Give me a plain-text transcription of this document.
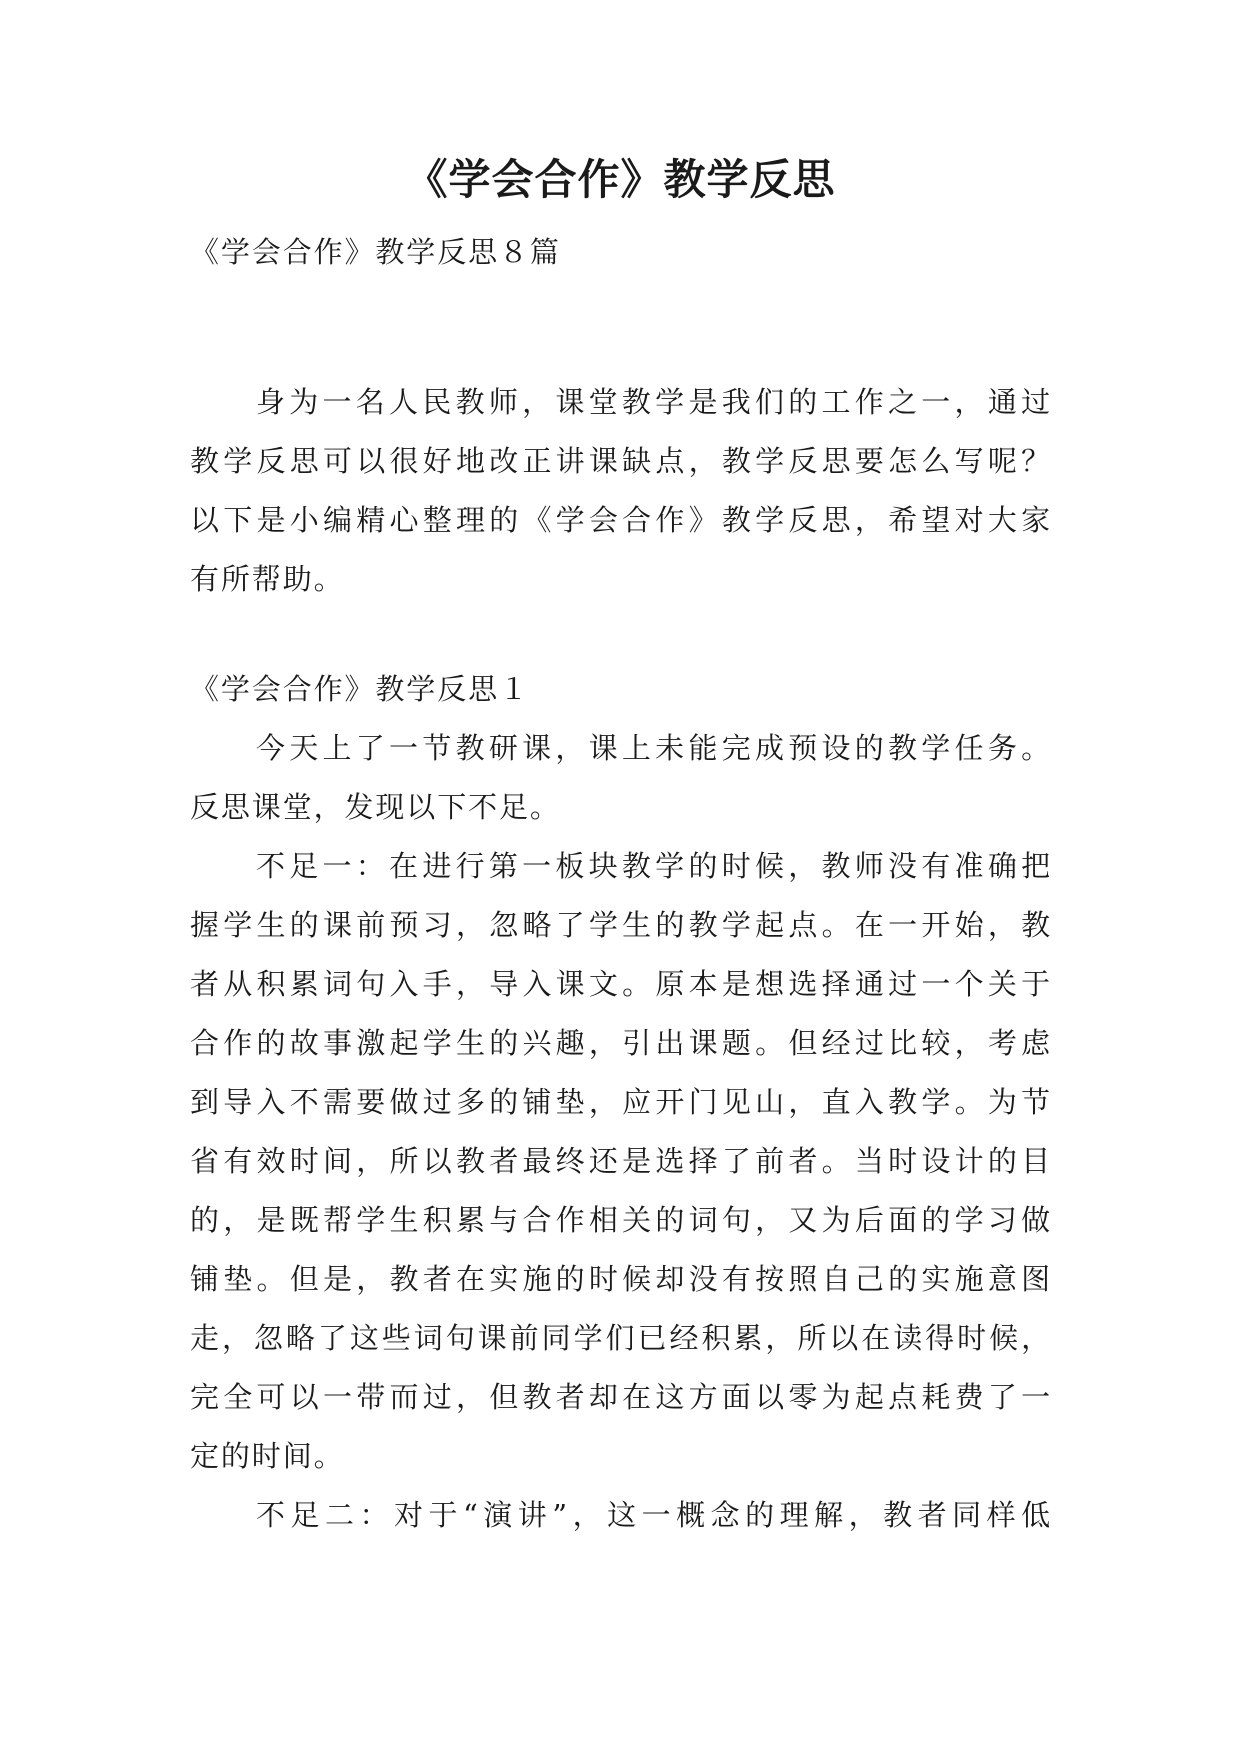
《学会合作》教学反思

《学会合作》教学反思８篇

身为一名人民教师，课堂教学是我们的工作之一，通过

教学反思可以很好地改正讲课缺点，教学反思要怎么写呢？

以下是小编精心整理的《学会合作》教学反思，希望对大家

有所帮助。

《学会合作》教学反思１

今天上了一节教研课，课上未能完成预设的教学任务。

反思课堂，发现以下不足。

不足一：在进行第一板块教学的时候，教师没有准确把

握学生的课前预习，忽略了学生的教学起点。在一开始，教

者从积累词句入手，导入课文。原本是想选择通过一个关于

合作的故事激起学生的兴趣，引出课题。但经过比较，考虑

到导入不需要做过多的铺垫，应开门见山，直入教学。为节

省有效时间，所以教者最终还是选择了前者。当时设计的目

的，是既帮学生积累与合作相关的词句，又为后面的学习做

铺垫。但是，教者在实施的时候却没有按照自己的实施意图

走，忽略了这些词句课前同学们已经积累，所以在读得时候，

完全可以一带而过，但教者却在这方面以零为起点耗费了一

定的时间。

不足二：对于“演讲”，这一概念的理解，教者同样低
